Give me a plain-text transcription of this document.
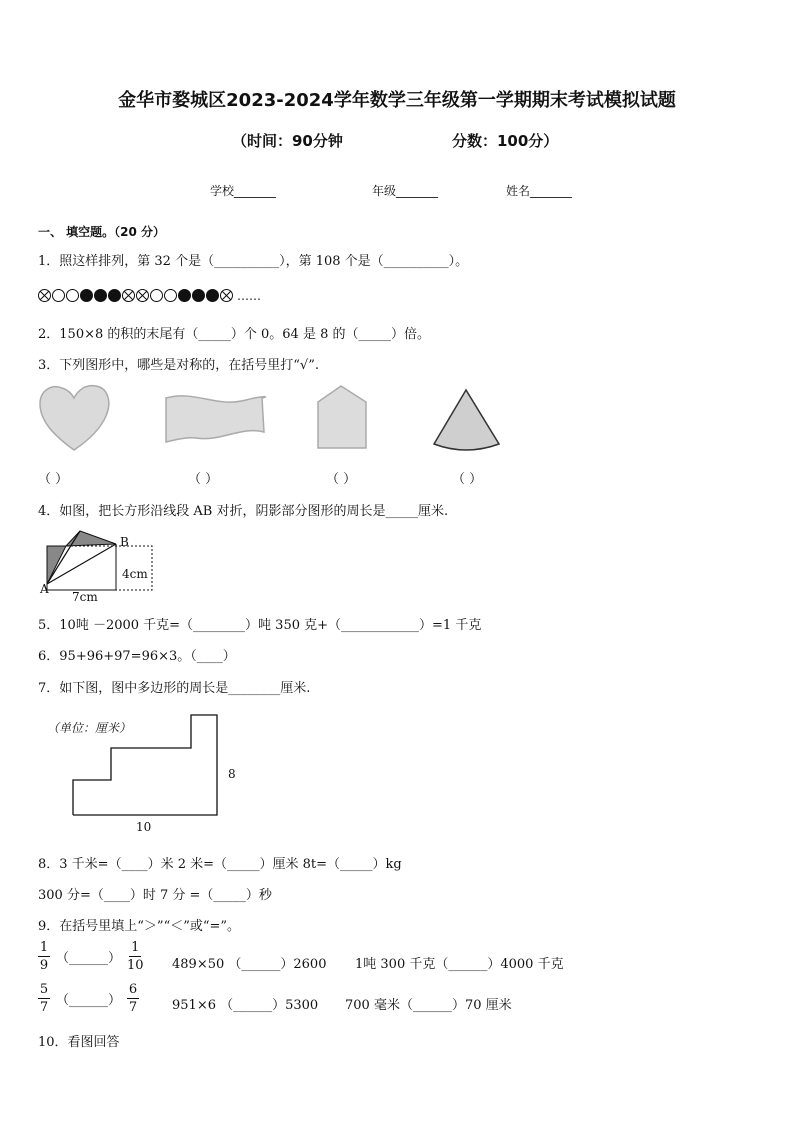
金华市婺城区2023-2024学年数学三年级第一学期期末考试模拟试题
（时间：90分钟	分数：100分）
学校_______	年级_______	姓名_______
一、 填空题。（20 分）
1．照这样排列，第 32 个是（__________），第 108 个是（__________）。
……
2．150×8 的积的末尾有（_____）个 0。64 是 8 的（_____）倍。
3．下列图形中，哪些是对称的，在括号里打“√”.
（ ）	（ ）	（ ）	（ ）
4．如图，把长方形沿线段 AB 对折，阴影部分图形的周长是_____厘米.
A
B
4cm
7cm
5．10吨 －2000 千克=（________）吨 350 克+（____________）=1 千克
6．95+96+97=96×3。（____）
7．如下图，图中多边形的周长是________厘米.
（单位：厘米）
8
10
8．3 千米=（____）米 2 米=（_____）厘米 8t=（_____）kg
300 分=（____）时 7 分 =（_____）秒
9．在括号里填上“＞”“＜”或“=”。
$\frac{1}{9}$ （______） $\frac{1}{10} 489\times 50$ （______）2600 1吨 300 千克（______）4000 千克
$\frac{5}{7}$ （______） $\frac{6}{7}$	951×6 （______）5300 700 毫米（______）70 厘米
10．看图回答
